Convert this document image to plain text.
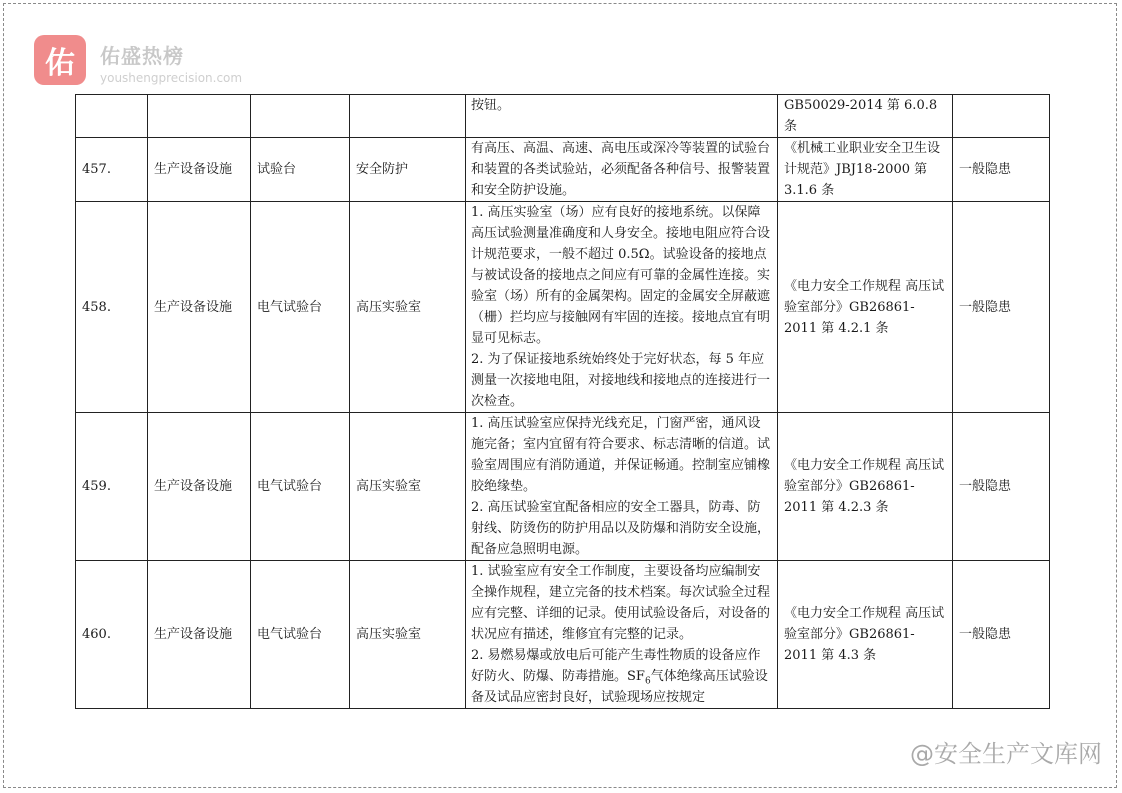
佑	佑盛热榜
youshengprecision.com

				按钮。	GB50029-2014 第 6.0.8 条	
457.	生产设备设施	试验台	安全防护	有高压、高温、高速、高电压或深冷等装置的试验台和装置的各类试验站，必须配备各种信号、报警装置和安全防护设施。	《机械工业职业安全卫生设计规范》JBJ18-2000 第 3.1.6 条	一般隐患
458.	生产设备设施	电气试验台	高压实验室	1. 高压实验室（场）应有良好的接地系统。以保障高压试验测量准确度和人身安全。接地电阻应符合设计规范要求，一般不超过 0.5Ω。试验设备的接地点与被试设备的接地点之间应有可靠的金属性连接。实验室（场）所有的金属架构。固定的金属安全屏蔽遮（栅）拦均应与接触网有牢固的连接。接地点宜有明显可见标志。
2. 为了保证接地系统始终处于完好状态，每 5 年应测量一次接地电阻，对接地线和接地点的连接进行一次检查。	《电力安全工作规程 高压试验室部分》GB26861-2011 第 4.2.1 条	一般隐患
459.	生产设备设施	电气试验台	高压实验室	1. 高压试验室应保持光线充足，门窗严密，通风设施完备；室内宜留有符合要求、标志清晰的信道。试验室周围应有消防通道，并保证畅通。控制室应铺橡胶绝缘垫。
2. 高压试验室宜配备相应的安全工器具，防毒、防射线、防烫伤的防护用品以及防爆和消防安全设施，配备应急照明电源。	《电力安全工作规程 高压试验室部分》GB26861-2011 第 4.2.3 条	一般隐患
460.	生产设备设施	电气试验台	高压实验室	1. 试验室应有安全工作制度，主要设备均应编制安全操作规程，建立完备的技术档案。每次试验全过程应有完整、详细的记录。使用试验设备后，对设备的状况应有描述，维修宜有完整的记录。
2. 易燃易爆或放电后可能产生毒性物质的设备应作好防火、防爆、防毒措施。$SF_6$气体绝缘高压试验设备及试品应密封良好，试验现场应按规定	《电力安全工作规程 高压试验室部分》GB26861-2011 第 4.3 条	一般隐患
@安全生产文库网
